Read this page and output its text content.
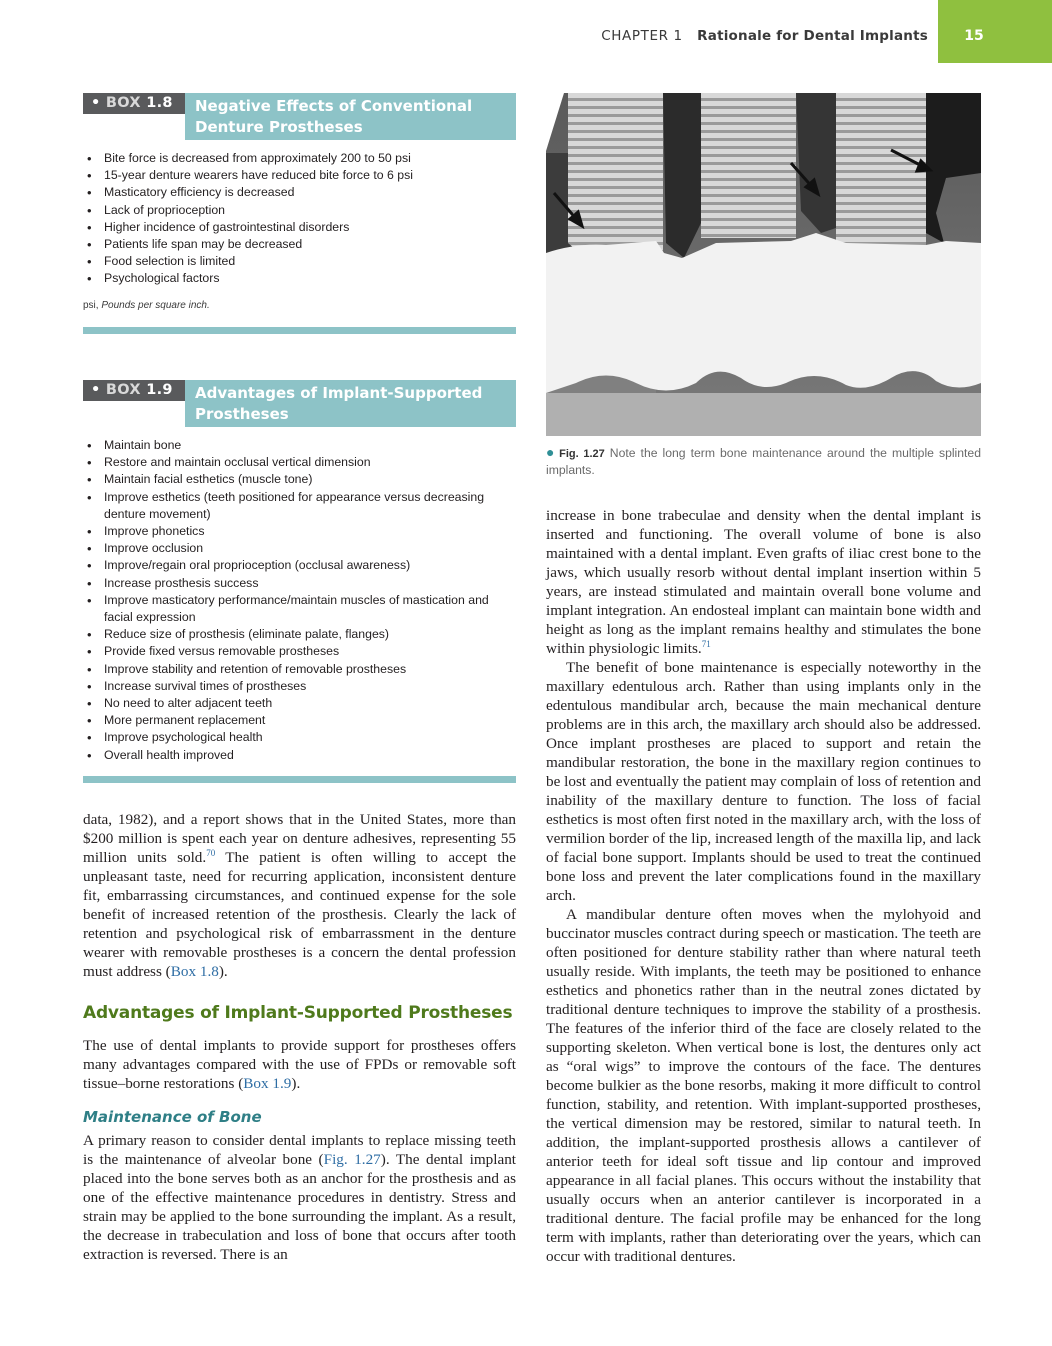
CHAPTER 1 Rationale for Dental Implants	15
• BOX 1.8	Negative Effects of Conventional Denture Prostheses
• Bite force is decreased from approximately 200 to 50 psi
• 15-year denture wearers have reduced bite force to 6 psi
• Masticatory efficiency is decreased
• Lack of proprioception
• Higher incidence of gastrointestinal disorders
• Patients life span may be decreased
• Food selection is limited
• Psychological factors
psi, Pounds per square inch.
• BOX 1.9	Advantages of Implant-Supported Prostheses
• Maintain bone
• Restore and maintain occlusal vertical dimension
• Maintain facial esthetics (muscle tone)
• Improve esthetics (teeth positioned for appearance versus decreasing denture movement)
• Improve phonetics
• Improve occlusion
• Improve/regain oral proprioception (occlusal awareness)
• Increase prosthesis success
• Improve masticatory performance/maintain muscles of mastication and facial expression
• Reduce size of prosthesis (eliminate palate, flanges)
• Provide fixed versus removable prostheses
• Improve stability and retention of removable prostheses
• Increase survival times of prostheses
• No need to alter adjacent teeth
• More permanent replacement
• Improve psychological health
• Overall health improved

data, 1982), and a report shows that in the United States, more than $200 million is spent each year on denture adhesives, representing 55 million units sold.$^{70}$ The patient is often willing to accept the unpleasant taste, need for recurring application, inconsistent denture fit, embarrassing circumstances, and continued expense for the sole benefit of increased retention of the prosthesis. Clearly the lack of retention and psychological risk of embarrassment in the denture wearer with removable prostheses is a concern the dental profession must address (Box 1.8).

Advantages of Implant-Supported Prostheses

The use of dental implants to provide support for prostheses offers many advantages compared with the use of FPDs or removable soft tissue–borne restorations (Box 1.9).

Maintenance of Bone

A primary reason to consider dental implants to replace missing teeth is the maintenance of alveolar bone (Fig. 1.27). The dental implant placed into the bone serves both as an anchor for the prosthesis and as one of the effective maintenance procedures in dentistry. Stress and strain may be applied to the bone surrounding the implant. As a result, the decrease in trabeculation and loss of bone that occurs after tooth extraction is reversed. There is an

● Fig. 1.27 Note the long term bone maintenance around the multiple splinted implants.

increase in bone trabeculae and density when the dental implant is inserted and functioning. The overall volume of bone is also maintained with a dental implant. Even grafts of iliac crest bone to the jaws, which usually resorb without dental implant insertion within 5 years, are instead stimulated and maintain overall bone volume and implant integration. An endosteal implant can maintain bone width and height as long as the implant remains healthy and stimulates the bone within physiologic limits.$^{71}$

The benefit of bone maintenance is especially noteworthy in the maxillary edentulous arch. Rather than using implants only in the edentulous mandibular arch, because the main mechanical denture problems are in this arch, the maxillary arch should also be addressed. Once implant prostheses are placed to support and retain the mandibular restoration, the bone in the maxillary region continues to be lost and eventually the patient may complain of loss of retention and inability of the maxillary denture to function. The loss of facial esthetics is most often first noted in the maxillary arch, with the loss of vermilion border of the lip, increased length of the maxilla lip, and lack of facial bone support. Implants should be used to treat the continued bone loss and prevent the later complications found in the maxillary arch.

A mandibular denture often moves when the mylohyoid and buccinator muscles contract during speech or mastication. The teeth are often positioned for denture stability rather than where natural teeth usually reside. With implants, the teeth may be positioned to enhance esthetics and phonetics rather than in the neutral zones dictated by traditional denture techniques to improve the stability of a prosthesis. The features of the inferior third of the face are closely related to the supporting skeleton. When vertical bone is lost, the dentures only act as “oral wigs” to improve the contours of the face. The dentures become bulkier as the bone resorbs, making it more difficult to control function, stability, and retention. With implant-supported prostheses, the vertical dimension may be restored, similar to natural teeth. In addition, the implant-supported prosthesis allows a cantilever of anterior teeth for ideal soft tissue and lip contour and improved appearance in all facial planes. This occurs without the instability that usually occurs when an anterior cantilever is incorporated in a traditional denture. The facial profile may be enhanced for the long term with implants, rather than deteriorating over the years, which can occur with traditional dentures.
